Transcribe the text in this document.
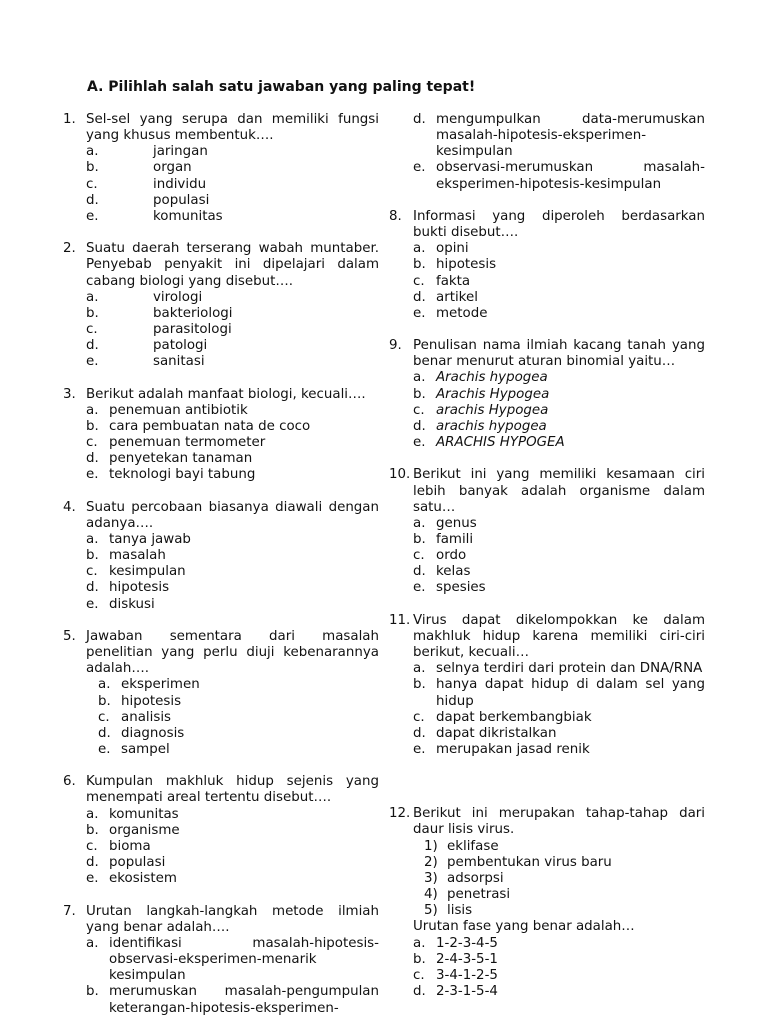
A. Pilihlah salah satu jawaban yang paling tepat!
1. Sel-sel yang serupa dan memiliki fungsi yang khusus membentuk….
a.	jaringan
b.	organ
c.	individu
d.	populasi
e.	komunitas
2. Suatu daerah terserang wabah muntaber. Penyebab penyakit ini dipelajari dalam cabang biologi yang disebut….
a.	virologi
b.	bakteriologi
c.	parasitologi
d.	patologi
e.	sanitasi
3. Berikut adalah manfaat biologi, kecuali….
a. penemuan antibiotik
b. cara pembuatan nata de coco
c. penemuan termometer
d. penyetekan tanaman
e. teknologi bayi tabung
4. Suatu percobaan biasanya diawali dengan adanya….
a. tanya jawab
b. masalah
c. kesimpulan
d. hipotesis
e. diskusi
5. Jawaban sementara dari masalah penelitian yang perlu diuji kebenarannya adalah….
a. eksperimen
b. hipotesis
c. analisis
d. diagnosis
e. sampel
6. Kumpulan makhluk hidup sejenis yang menempati areal tertentu disebut….
a. komunitas
b. organisme
c. bioma
d. populasi
e. ekosistem
7. Urutan langkah-langkah metode ilmiah yang benar adalah….
a. identifikasi masalah-hipotesis-observasi-eksperimen-menarik kesimpulan
b. merumuskan masalah-pengumpulan keterangan-hipotesis-eksperimen-
d. mengumpulkan data-merumuskan masalah-hipotesis-eksperimen-kesimpulan
e. observasi-merumuskan masalah-eksperimen-hipotesis-kesimpulan
8. Informasi yang diperoleh berdasarkan bukti disebut….
a. opini
b. hipotesis
c. fakta
d. artikel
e. metode
9. Penulisan nama ilmiah kacang tanah yang benar menurut aturan binomial yaitu…
a. Arachis hypogea
b. Arachis Hypogea
c. arachis Hypogea
d. arachis hypogea
e. ARACHIS HYPOGEA
10. Berikut ini yang memiliki kesamaan ciri lebih banyak adalah organisme dalam satu…
a. genus
b. famili
c. ordo
d. kelas
e. spesies
11. Virus dapat dikelompokkan ke dalam makhluk hidup karena memiliki ciri-ciri berikut, kecuali…
a. selnya terdiri dari protein dan DNA/RNA
b. hanya dapat hidup di dalam sel yang hidup
c. dapat berkembangbiak
d. dapat dikristalkan
e. merupakan jasad renik
12. Berikut ini merupakan tahap-tahap dari daur lisis virus.
1) eklifase
2) pembentukan virus baru
3) adsorpsi
4) penetrasi
5) lisis
Urutan fase yang benar adalah…
a. 1-2-3-4-5
b. 2-4-3-5-1
c. 3-4-1-2-5
d. 2-3-1-5-4
